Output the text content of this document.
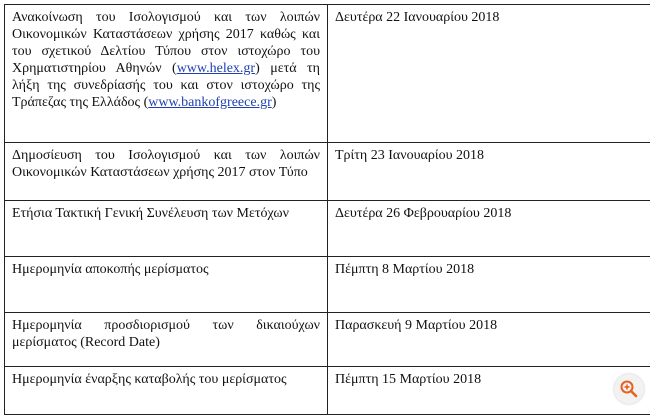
Ανακοίνωση του Ισολογισμού και των λοιπών Οικονομικών Καταστάσεων χρήσης 2017 καθώς και του σχετικού Δελτίου Τύπου στον ιστοχώρο του Χρηματιστηρίου Αθηνών (www.helex.gr) μετά τη λήξη της συνεδρίασής του και στον ιστοχώρο της Τράπεζας της Ελλάδος (www.bankofgreece.gr)	Δευτέρα 22 Ιανουαρίου 2018
Δημοσίευση του Ισολογισμού και των λοιπών Οικονομικών Καταστάσεων χρήσης 2017 στον Τύπο	Τρίτη 23 Ιανουαρίου 2018
Ετήσια Τακτική Γενική Συνέλευση των Μετόχων	Δευτέρα 26 Φεβρουαρίου 2018
Ημερομηνία αποκοπής μερίσματος	Πέμπτη 8 Μαρτίου 2018
Ημερομηνία προσδιορισμού των δικαιούχων μερίσματος (Record Date)	Παρασκευή 9 Μαρτίου 2018
Ημερομηνία έναρξης καταβολής του μερίσματος	Πέμπτη 15 Μαρτίου 2018
